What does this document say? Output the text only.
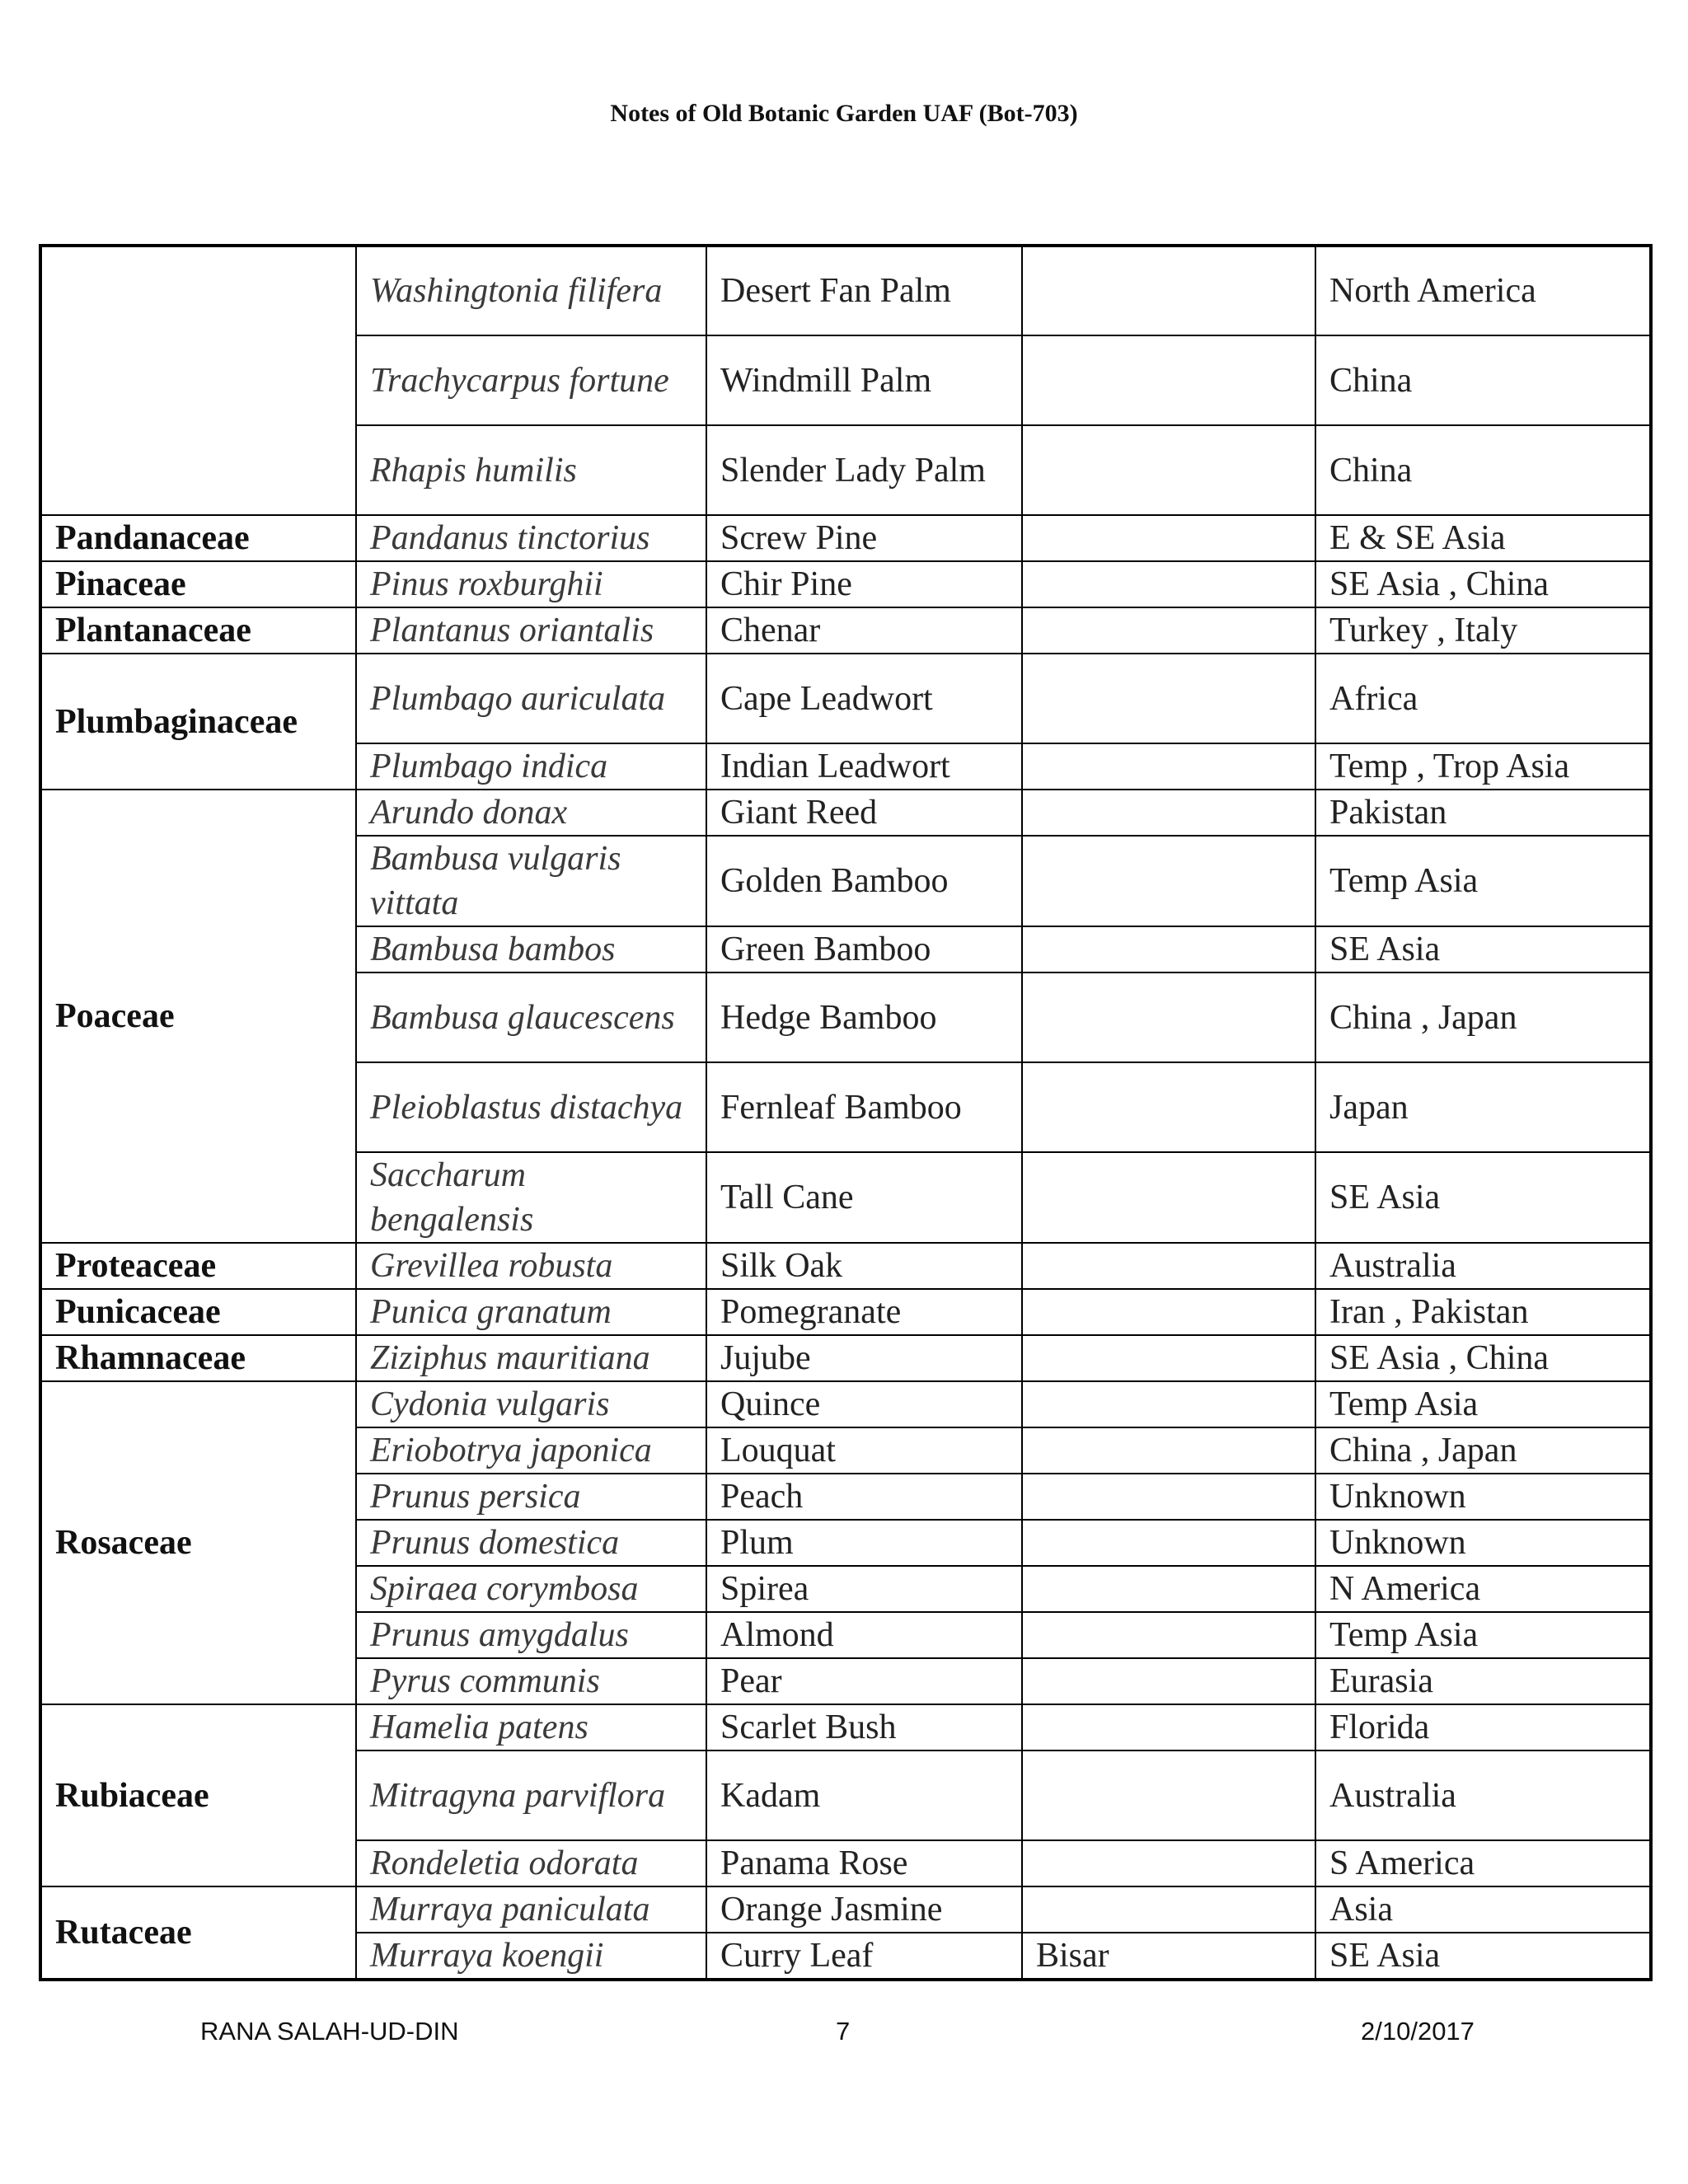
Notes of Old Botanic Garden UAF (Bot-703)
	Washingtonia filifera	Desert Fan Palm		North America
	Trachycarpus fortune	Windmill Palm		China
	Rhapis humilis	Slender Lady Palm		China
Pandanaceae	Pandanus tinctorius	Screw Pine		E & SE Asia
Pinaceae	Pinus roxburghii	Chir Pine		SE Asia , China
Plantanaceae	Plantanus oriantalis	Chenar		Turkey , Italy
Plumbaginaceae	Plumbago auriculata	Cape Leadwort		Africa
	Plumbago indica	Indian Leadwort		Temp , Trop Asia
Poaceae	Arundo donax	Giant Reed		Pakistan
	Bambusa vulgaris vittata	Golden Bamboo		Temp Asia
	Bambusa bambos	Green Bamboo		SE Asia
	Bambusa glaucescens	Hedge Bamboo		China , Japan
	Pleioblastus distachya	Fernleaf Bamboo		Japan
	Saccharum bengalensis	Tall Cane		SE Asia
Proteaceae	Grevillea robusta	Silk Oak		Australia
Punicaceae	Punica granatum	Pomegranate		Iran , Pakistan
Rhamnaceae	Ziziphus mauritiana	Jujube		SE Asia , China
Rosaceae	Cydonia vulgaris	Quince		Temp Asia
	Eriobotrya japonica	Louquat		China , Japan
	Prunus persica	Peach		Unknown
	Prunus domestica	Plum		Unknown
	Spiraea corymbosa	Spirea		N America
	Prunus amygdalus	Almond		Temp Asia
	Pyrus communis	Pear		Eurasia
Rubiaceae	Hamelia patens	Scarlet Bush		Florida
	Mitragyna parviflora	Kadam		Australia
	Rondeletia odorata	Panama Rose		S America
Rutaceae	Murraya paniculata	Orange Jasmine		Asia
	Murraya koengii	Curry Leaf	Bisar	SE Asia
RANA SALAH-UD-DIN	7	2/10/2017
